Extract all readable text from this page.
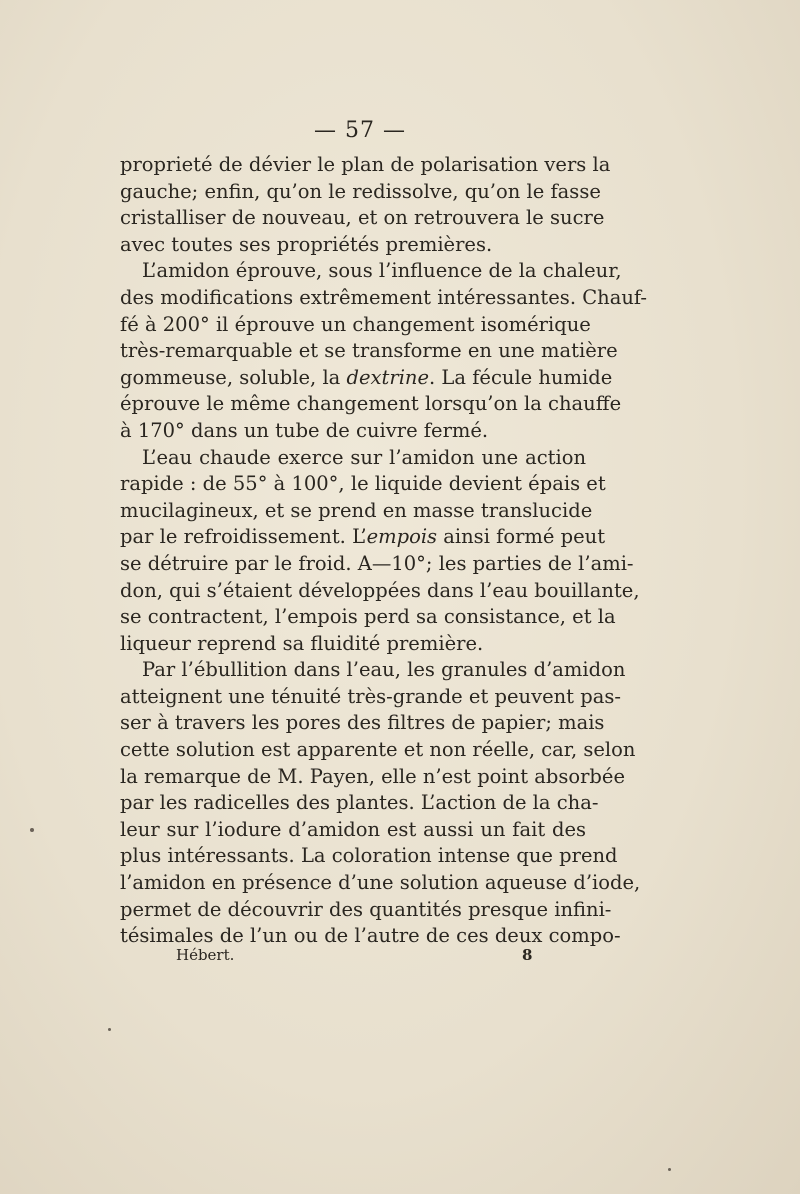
— 57 —
proprieté de dévier le plan de polarisation vers la
gauche; enfin, qu’on le redissolve, qu’on le fasse
cristalliser de nouveau, et on retrouvera le sucre
avec toutes ses propriétés premières.
L’amidon éprouve, sous l’influence de la chaleur,
des modifications extrêmement intéressantes. Chauf-
fé à 200° il éprouve un changement isomérique
très-remarquable et se transforme en une matière
gommeuse, soluble, la dextrine. La fécule humide
éprouve le même changement lorsqu’on la chauffe
à 170° dans un tube de cuivre fermé.
L’eau chaude exerce sur l’amidon une action
rapide : de 55° à 100°, le liquide devient épais et
mucilagineux, et se prend en masse translucide
par le refroidissement. L’empois ainsi formé peut
se détruire par le froid. A—10°; les parties de l’ami-
don, qui s’étaient développées dans l’eau bouillante,
se contractent, l’empois perd sa consistance, et la
liqueur reprend sa fluidité première.
Par l’ébullition dans l’eau, les granules d’amidon
atteignent une ténuité très-grande et peuvent pas-
ser à travers les pores des filtres de papier; mais
cette solution est apparente et non réelle, car, selon
la remarque de M. Payen, elle n’est point absorbée
par les radicelles des plantes. L’action de la cha-
leur sur l’iodure d’amidon est aussi un fait des
plus intéressants. La coloration intense que prend
l’amidon en présence d’une solution aqueuse d’iode,
permet de découvrir des quantités presque infini-
tésimales de l’un ou de l’autre de ces deux compo-
Hébert.	8
